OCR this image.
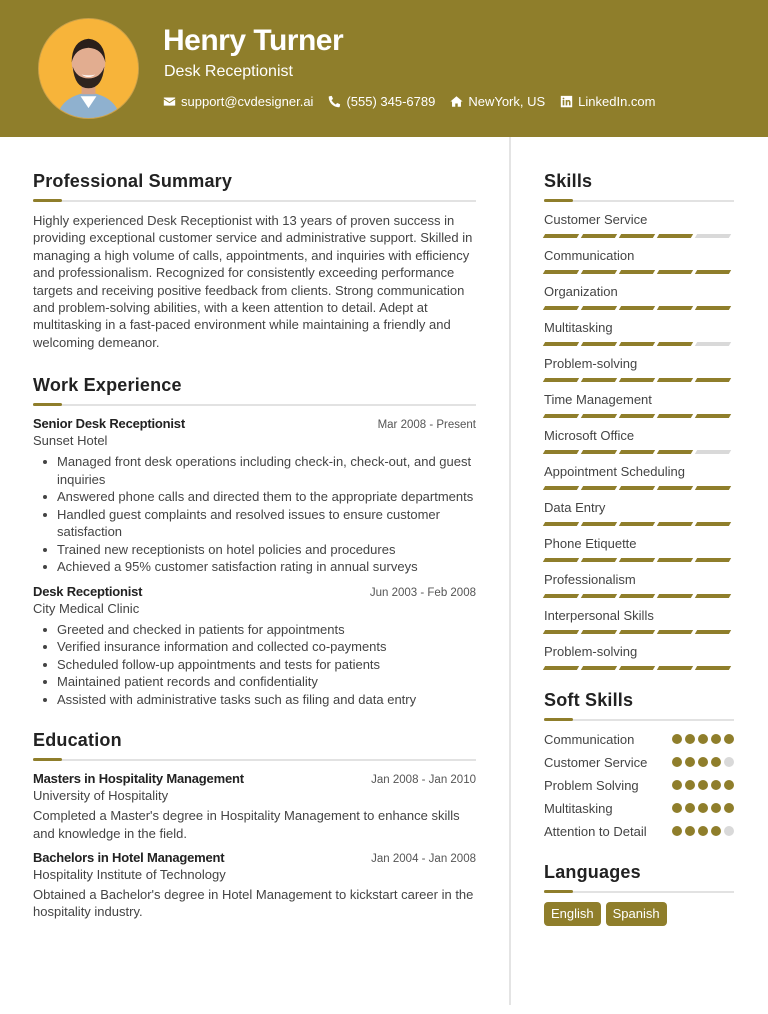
Henry Turner
Desk Receptionist
support@cvdesigner.ai	(555) 345-6789	NewYork, US	LinkedIn.com
Professional Summary

Highly experienced Desk Receptionist with 13 years of proven success in providing exceptional customer service and administrative support. Skilled in managing a high volume of calls, appointments, and inquiries with efficiency and professionalism. Recognized for consistently exceeding performance targets and receiving positive feedback from clients. Strong communication and problem-solving abilities, with a keen attention to detail. Adept at multitasking in a fast-paced environment while maintaining a friendly and welcoming demeanor.

Work Experience
Senior Desk Receptionist	Mar 2008 - Present
Sunset Hotel
Managed front desk operations including check-in, check-out, and guest inquiries
Answered phone calls and directed them to the appropriate departments
Handled guest complaints and resolved issues to ensure customer satisfaction
Trained new receptionists on hotel policies and procedures
Achieved a 95% customer satisfaction rating in annual surveys
Desk Receptionist	Jun 2003 - Feb 2008
City Medical Clinic
Greeted and checked in patients for appointments
Verified insurance information and collected co-payments
Scheduled follow-up appointments and tests for patients
Maintained patient records and confidentiality
Assisted with administrative tasks such as filing and data entry
Education
Masters in Hospitality Management	Jan 2008 - Jan 2010
University of Hospitality

Completed a Master's degree in Hospitality Management to enhance skills and knowledge in the field.

Bachelors in Hotel Management	Jan 2004 - Jan 2008
Hospitality Institute of Technology

Obtained a Bachelor's degree in Hotel Management to kickstart career in the hospitality industry.

Skills
Customer Service
Communication
Organization
Multitasking
Problem-solving
Time Management
Microsoft Office
Appointment Scheduling
Data Entry
Phone Etiquette
Professionalism
Interpersonal Skills
Problem-solving
Soft Skills
Communication
Customer Service
Problem Solving
Multitasking
Attention to Detail
Languages
English	Spanish
